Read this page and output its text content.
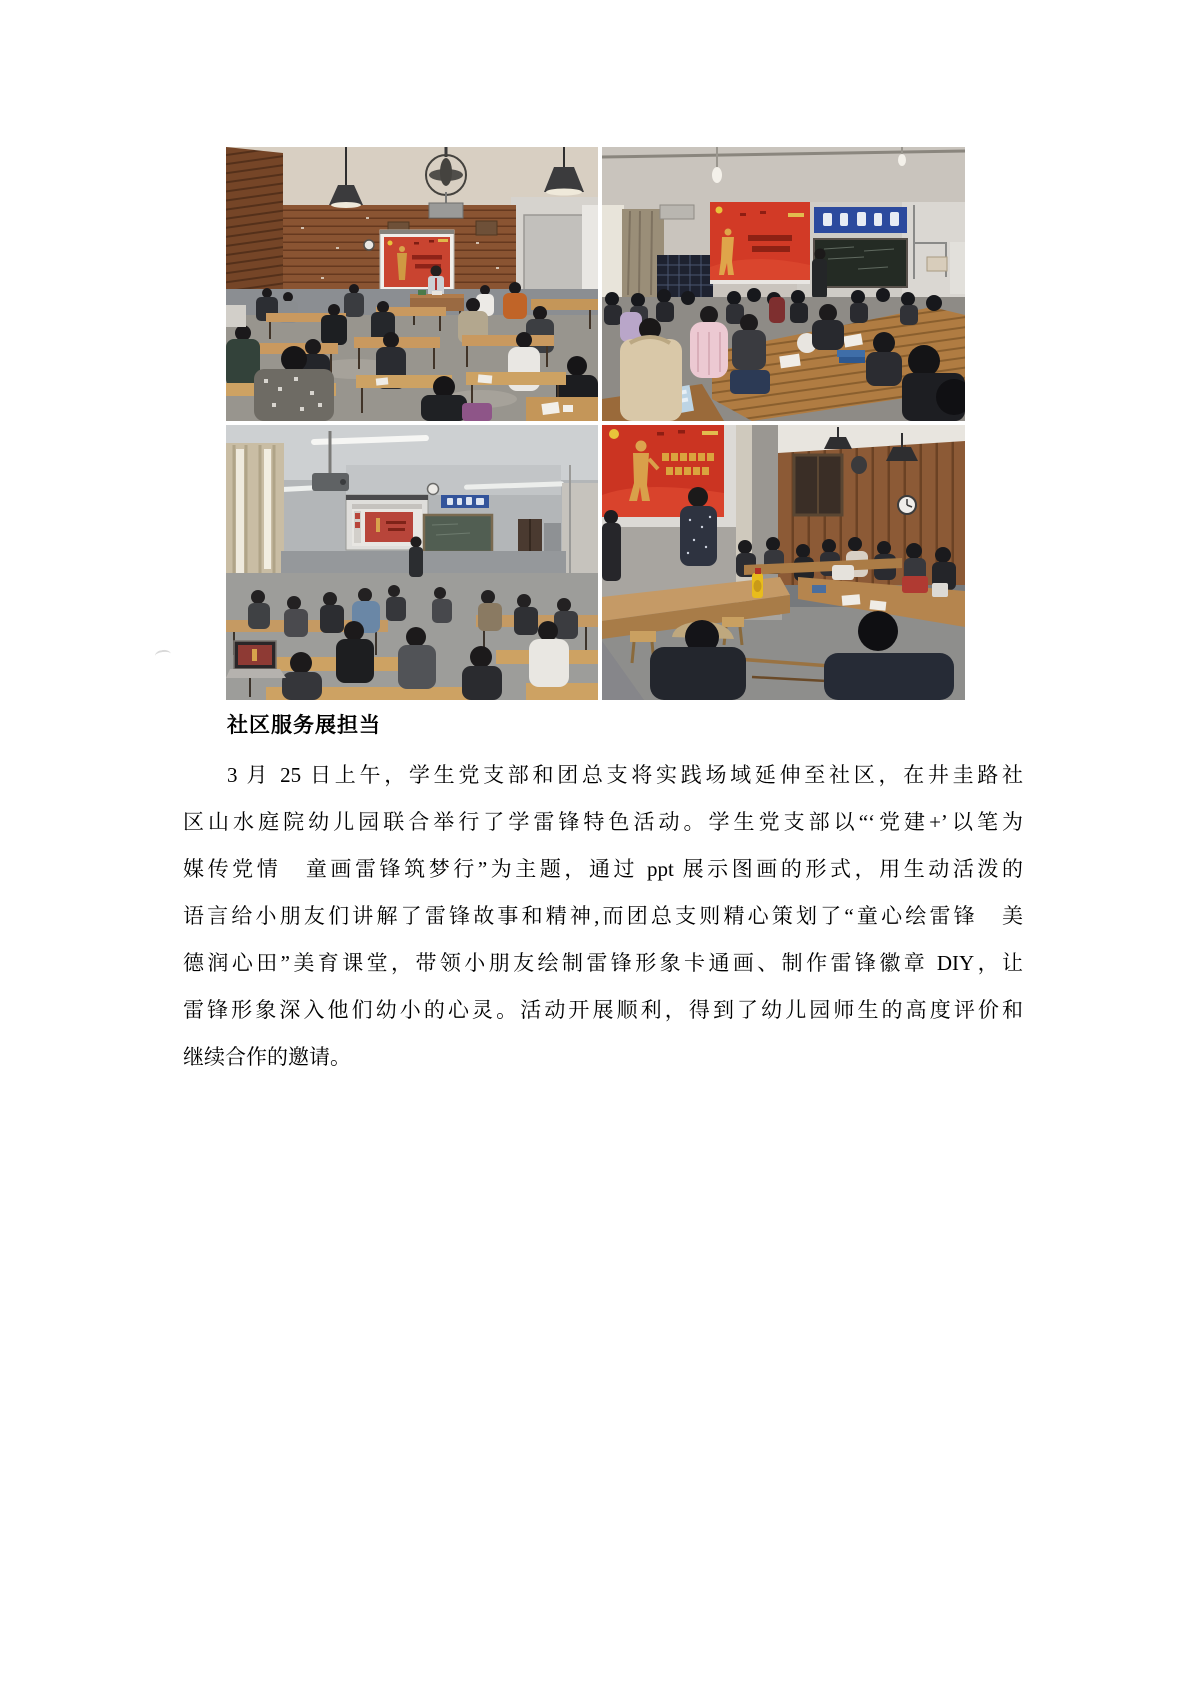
社区服务展担当
3 月 25 日上午，学生党支部和团总支将实践场域延伸至社区，在井圭路社
区山水庭院幼儿园联合举行了学雷锋特色活动。学生党支部以“‘党建+’以笔为
媒传党情　童画雷锋筑梦行”为主题，通过 ppt 展示图画的形式，用生动活泼的
语言给小朋友们讲解了雷锋故事和精神,而团总支则精心策划了“童心绘雷锋　美
德润心田”美育课堂，带领小朋友绘制雷锋形象卡通画、制作雷锋徽章 DIY，让
雷锋形象深入他们幼小的心灵。活动开展顺利，得到了幼儿园师生的高度评价和
继续合作的邀请。
